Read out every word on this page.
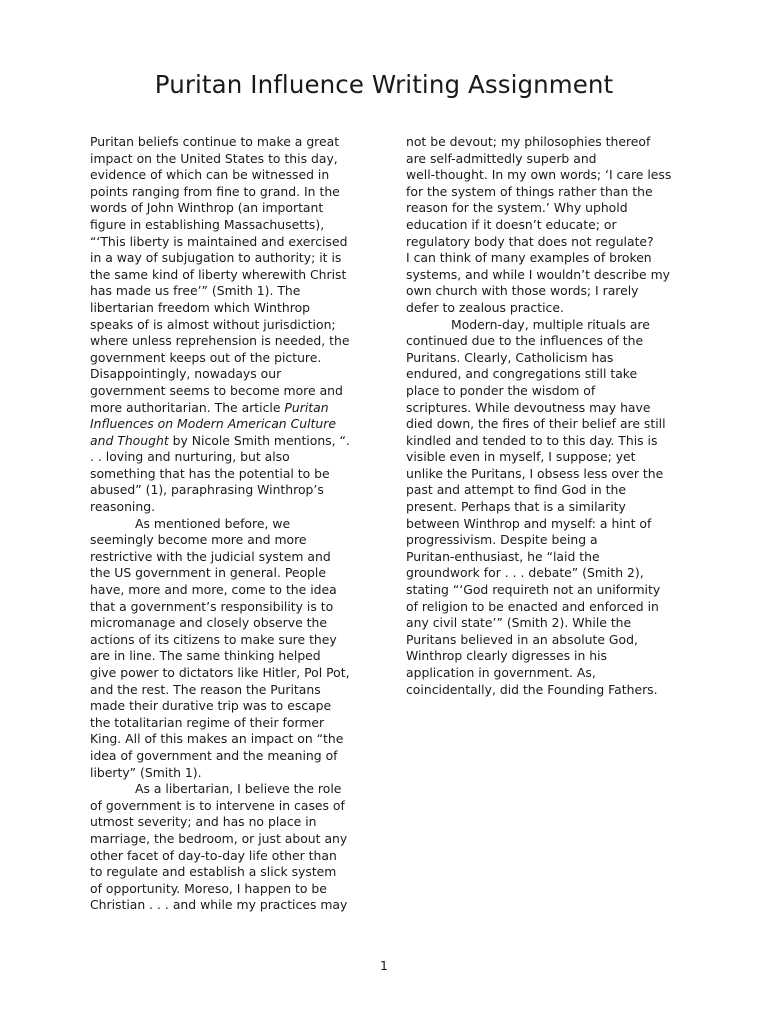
Puritan Influence Writing Assignment
Puritan beliefs continue to make a great
impact on the United States to this day,
evidence of which can be witnessed in
points ranging from fine to grand. In the
words of John Winthrop (an important
figure in establishing Massachusetts),
“‘This liberty is maintained and exercised
in a way of subjugation to authority; it is
the same kind of liberty wherewith Christ
has made us free’” (Smith 1). The
libertarian freedom which Winthrop
speaks of is almost without jurisdiction;
where unless reprehension is needed, the
government keeps out of the picture.
Disappointingly, nowadays our
government seems to become more and
more authoritarian. The article Puritan
Influences on Modern American Culture
and Thought by Nicole Smith mentions, “.
. . loving and nurturing, but also
something that has the potential to be
abused” (1), paraphrasing Winthrop’s
reasoning.
As mentioned before, we
seemingly become more and more
restrictive with the judicial system and
the US government in general. People
have, more and more, come to the idea
that a government’s responsibility is to
micromanage and closely observe the
actions of its citizens to make sure they
are in line. The same thinking helped
give power to dictators like Hitler, Pol Pot,
and the rest. The reason the Puritans
made their durative trip was to escape
the totalitarian regime of their former
King. All of this makes an impact on “the
idea of government and the meaning of
liberty” (Smith 1).
As a libertarian, I believe the role
of government is to intervene in cases of
utmost severity; and has no place in
marriage, the bedroom, or just about any
other facet of day-to-day life other than
to regulate and establish a slick system
of opportunity. Moreso, I happen to be
Christian . . . and while my practices may
not be devout; my philosophies thereof
are self-admittedly superb and
well-thought. In my own words; ‘I care less
for the system of things rather than the
reason for the system.’ Why uphold
education if it doesn’t educate; or
regulatory body that does not regulate?
I can think of many examples of broken
systems, and while I wouldn’t describe my
own church with those words; I rarely
defer to zealous practice.
Modern-day, multiple rituals are
continued due to the influences of the
Puritans. Clearly, Catholicism has
endured, and congregations still take
place to ponder the wisdom of
scriptures. While devoutness may have
died down, the fires of their belief are still
kindled and tended to to this day. This is
visible even in myself, I suppose; yet
unlike the Puritans, I obsess less over the
past and attempt to find God in the
present. Perhaps that is a similarity
between Winthrop and myself: a hint of
progressivism. Despite being a
Puritan-enthusiast, he “laid the
groundwork for . . . debate” (Smith 2),
stating “‘God requireth not an uniformity
of religion to be enacted and enforced in
any civil state’” (Smith 2). While the
Puritans believed in an absolute God,
Winthrop clearly digresses in his
application in government. As,
coincidentally, did the Founding Fathers.
1
